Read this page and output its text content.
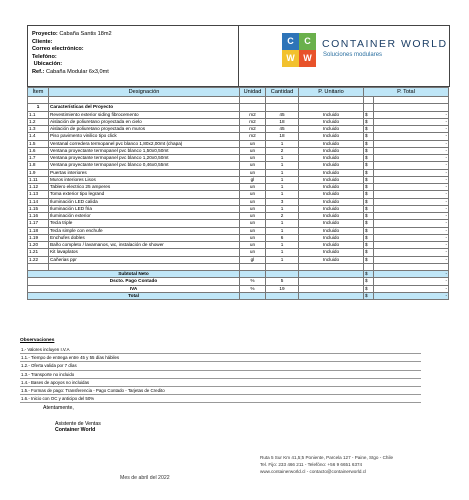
Proyecto: Cabaña Santis 18m2
Cliente:
Correo electrónico:
Telefóno:
Ubicación:
Ref.: Cabaña Modular 6x3,0mt
C	C
W W
CONTAINER WORLD
Soluciones modulares
Ítem	Designación	Unidad	Cantidad	P. Unitario	P. Total	

1	Características del Proyecto					
1.1	Revestimiento exterior siding fibrocemento	m2	45	Incluido	$	-
1.2	Aislación de poliuretano proyectada en cielo	m2	18	Incluido	$	-
1.3	Aislación de poliuretano proyectada en muros	m2	45	Incluido	$	-
1.4	Piso pavimento vinilico tipo click	m2	18	Incluido	$	-
1.5	Ventanal corredera termopanel pvc blanco 1,80x2,00mt (chapa)	un	1	Incluido	$	-
1.6	Ventana proyectante termopanel pvc blanco 1,50x0,50mt	un	2	Incluido	$	-
1.7	Ventana proyectante termopanel pvc blanco 1,20x0,50mt	un	1	Incluido	$	-
1.8	Ventana proyectante termopanel pvc blanco 0,46x0,55mt	un	1	Incluido	$	-
1.9	Puertas interiores	un	1	Incluido	$	-
1.11	Muros interiores Lisos	gl	1	Incluido	$	-
1.12	Tablero electrico 25 amperes	un	1	Incluido	$	-
1.13	Toma exterior tipo legrand	un	1	Incluido	$	-
1.14	Iluminación LED calida	un	3	Incluido	$	-
1.15	Iluminación LED fria	un	1	Incluido	$	-
1.16	Iluminación exterior	un	2	Incluido	$	-
1.17	Tecla triple	un	1	Incluido	$	-
1.18	Tecla simple con enchufe	un	1	Incluido	$	-
1.19	Enchufes dobles	un	6	Incluido	$	-
1.20	Baño completo / lavamanos, wc, instalación de shower	un	1	Incluido	$	-
1.21	Kit lavaplatos	un	1	Incluido	$	-
1.22	Cañerias ppr	gl	1	Incluido	$	-

Subtotal Neto					$	-
Dscto. Pago Contado		%	5		$	-
IVA		%	19		$	-
Total					$	-
Observaciones
1.- Valores incluyen I.V.A
1.1.- Tiempo de entrega entre 45 y 55 días hábiles
1.2.- Oferta valida por 7 días
1.3.- Transporte no incluido
1.4.- Bases de apoyos no incluidas
1.5.- Formas de pago: Transferencia - Pago Contado - Tarjetas de Credito
1.6.- Inicio con OC y anticipo del 50%
Atentamente,
Asistente de Ventas
Container World
Ruta 5 Sur Km 41,5;5 Poniente, Parcela 127 - Paine, Stgo - Chile
Tel. Fijo: 233 466 211 - Telefóno: +56 9 6651 6374
www.containerworld.cl - contacto@containerworld.cl
Mes de abril del 2022
